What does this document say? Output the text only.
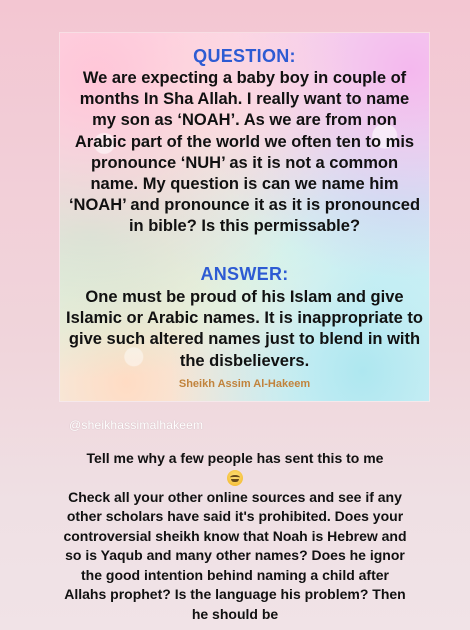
QUESTION:
We are expecting a baby boy in couple of months In Sha Allah. I really want to name my son as ‘NOAH’. As we are from non Arabic part of the world we often ten to mis pronounce ‘NUH’ as it is not a common name. My question is can we name him ‘NOAH’ and pronounce it as it is pronounced in bible? Is this permissable?
ANSWER:
One must be proud of his Islam and give Islamic or Arabic names. It is inappropriate to give such altered names just to blend in with the disbelievers.
Sheikh Assim Al-Hakeem
@sheikhassimalhakeem
Tell me why a few people has sent this to me
Check all your other online sources and see if any other scholars have said it's prohibited. Does your controversial sheikh know that Noah is Hebrew and so is Yaqub and many other names? Does he ignor the good intention behind naming a child after Allahs prophet? Is the language his problem? Then he should be
